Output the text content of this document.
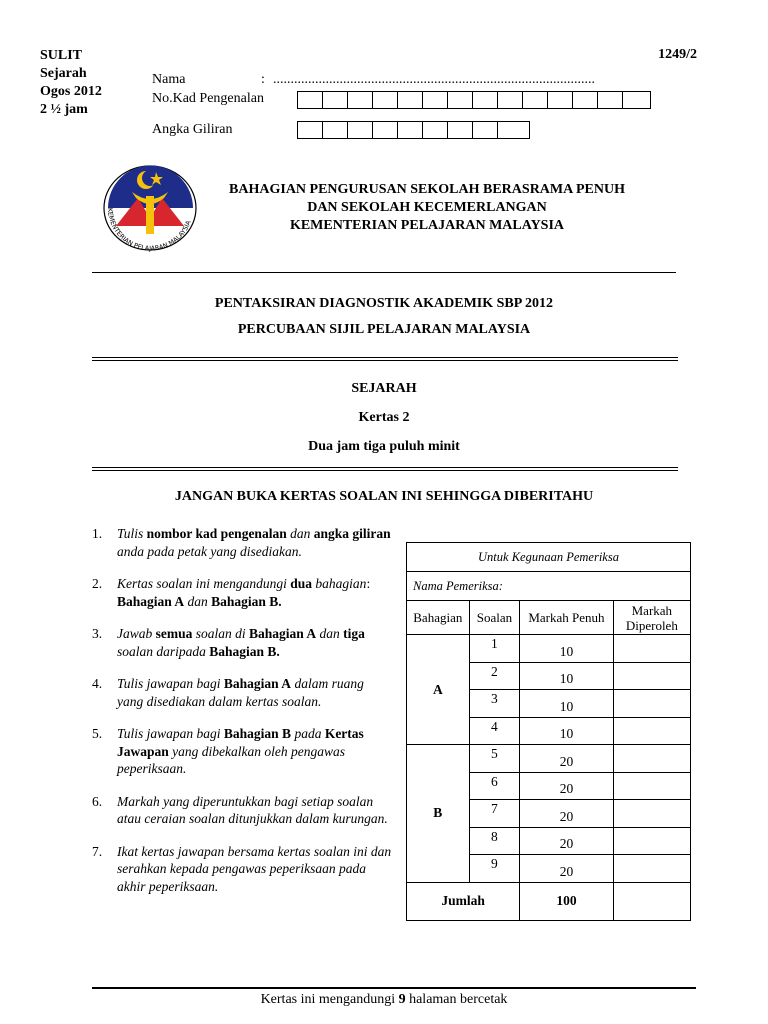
SULIT
Sejarah
Ogos 2012
2 ½ jam
1249/2
Nama	: ............................................................................................
No.Kad Pengenalan
Angka Giliran
KEMENTERIAN PELAJARAN MALAYSIA
BAHAGIAN PENGURUSAN SEKOLAH BERASRAMA PENUH
DAN SEKOLAH KECEMERLANGAN
KEMENTERIAN PELAJARAN MALAYSIA
PENTAKSIRAN DIAGNOSTIK AKADEMIK SBP 2012
PERCUBAAN SIJIL PELAJARAN MALAYSIA
SEJARAH
Kertas 2
Dua jam tiga puluh minit
JANGAN BUKA KERTAS SOALAN INI SEHINGGA DIBERITAHU
1.	Tulis nombor kad pengenalan dan angka giliran anda pada petak yang disediakan.
2.	Kertas soalan ini mengandungi dua bahagian: Bahagian A dan Bahagian B.
3.	Jawab semua soalan di Bahagian A dan tiga soalan daripada Bahagian B.
4.	Tulis jawapan bagi Bahagian A dalam ruang yang disediakan dalam kertas soalan.
5.	Tulis jawapan bagi Bahagian B pada Kertas Jawapan yang dibekalkan oleh pengawas peperiksaan.
6.	Markah yang diperuntukkan bagi setiap soalan atau ceraian soalan ditunjukkan dalam kurungan.
7.	Ikat kertas jawapan bersama kertas soalan ini dan serahkan kepada pengawas peperiksaan pada akhir peperiksaan.
Untuk Kegunaan Pemeriksa			
Nama Pemeriksa:			
Bahagian	Soalan	Markah Penuh	Markah Diperoleh
A	1	10	
	2	10	
	3	10	
	4	10	
B	5	20	
	6	20	
	7	20	
	8	20	
	9	20	
Jumlah		100	
Kertas ini mengandungi 9 halaman bercetak
